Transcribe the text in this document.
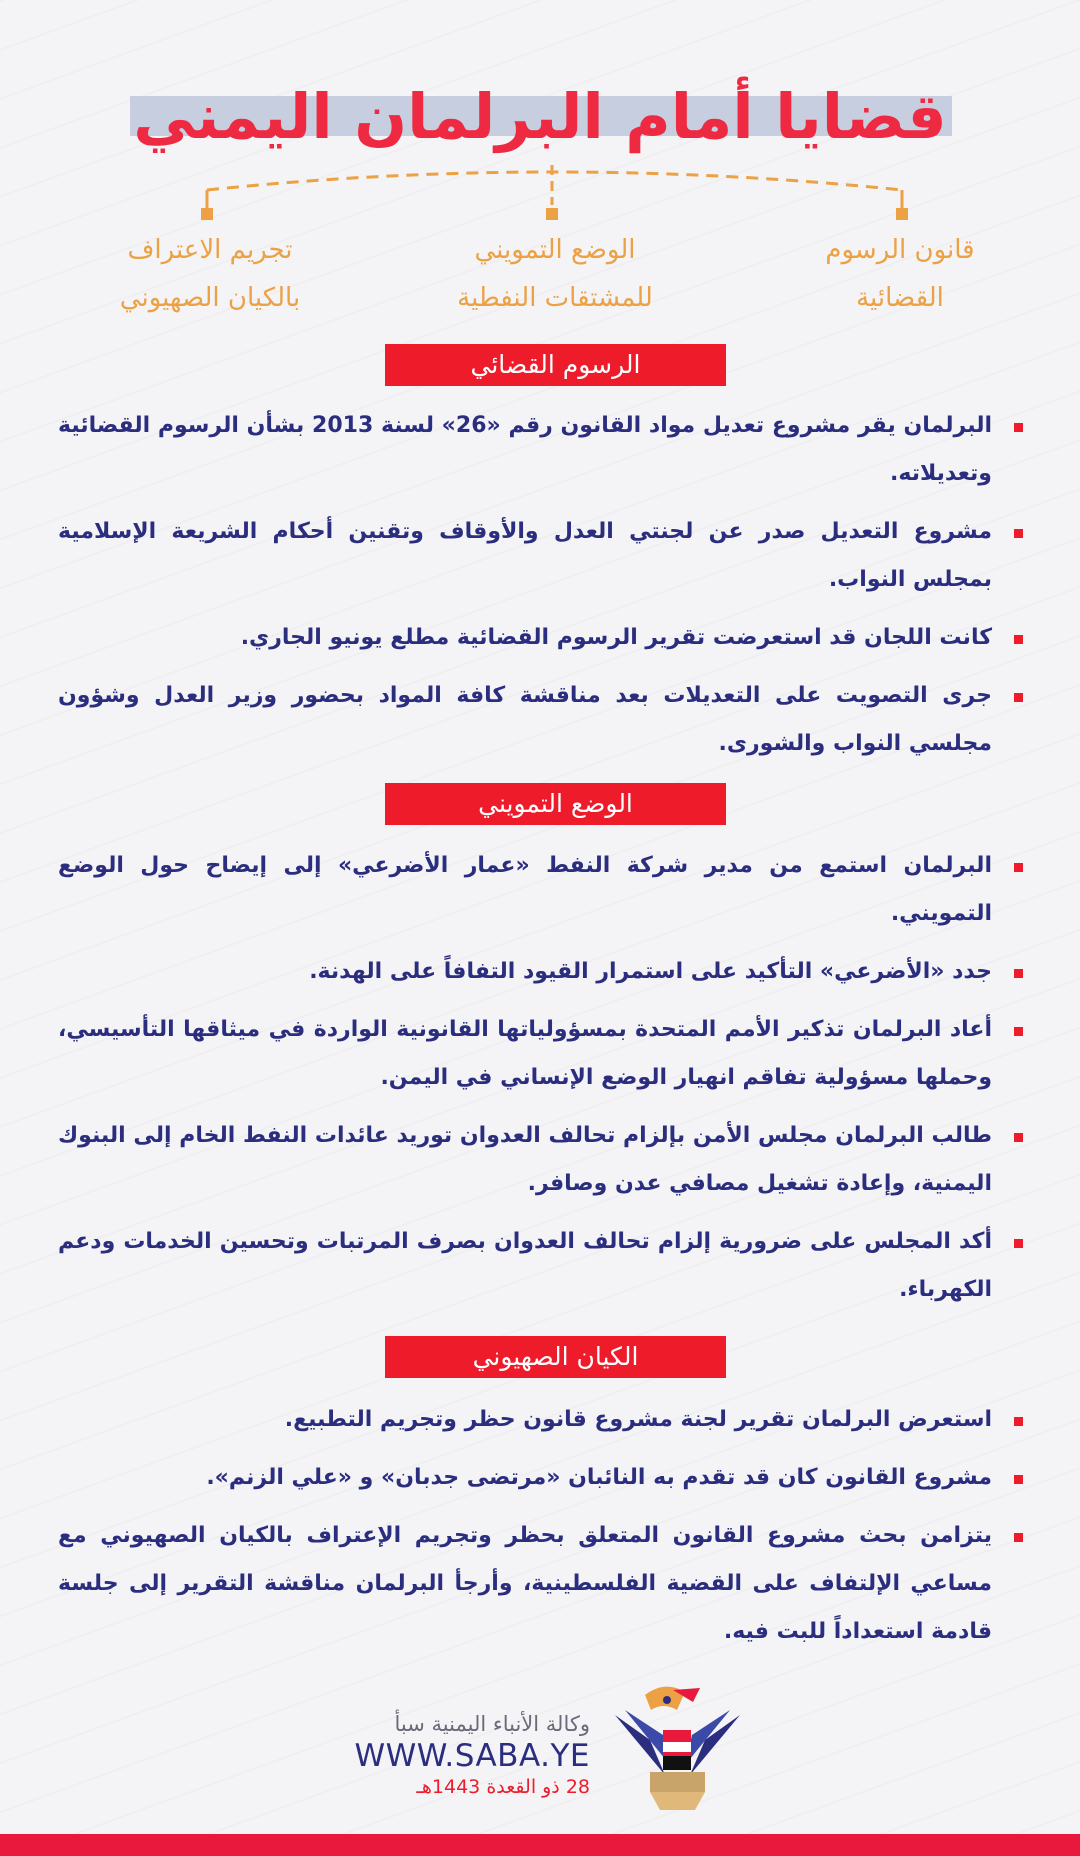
قضايا أمام البرلمان اليمني
قانون الرسوم
القضائية
الوضع التمويني
للمشتقات النفطية
تجريم الاعتراف
بالكيان الصهيوني
الرسوم القضائي
البرلمان يقر مشروع تعديل مواد القانون رقم «26» لسنة 2013 بشأن الرسوم القضائية وتعديلاته.
مشروع التعديل صدر عن لجنتي العدل والأوقاف وتقنين أحكام الشريعة الإسلامية بمجلس النواب.
كانت اللجان قد استعرضت تقرير الرسوم القضائية مطلع يونيو الجاري.
جرى التصويت على التعديلات بعد مناقشة كافة المواد بحضور وزير العدل وشؤون مجلسي النواب والشورى.
الوضع التمويني
البرلمان استمع من مدير شركة النفط «عمار الأضرعي» إلى إيضاح حول الوضع التمويني.
جدد «الأضرعي» التأكيد على استمرار القيود التفافاً على الهدنة.
أعاد البرلمان تذكير الأمم المتحدة بمسؤولياتها القانونية الواردة في ميثاقها التأسيسي، وحملها مسؤولية تفاقم انهيار الوضع الإنساني في اليمن.
طالب البرلمان مجلس الأمن بإلزام تحالف العدوان توريد عائدات النفط الخام إلى البنوك اليمنية، وإعادة تشغيل مصافي عدن وصافر.
أكد المجلس على ضرورية إلزام تحالف العدوان بصرف المرتبات وتحسين الخدمات ودعم الكهرباء.
الكيان الصهيوني
استعرض البرلمان تقرير لجنة مشروع قانون حظر وتجريم التطبيع.
مشروع القانون كان قد تقدم به النائبان «مرتضى جدبان» و «علي الزنم».
يتزامن بحث مشروع القانون المتعلق بحظر وتجريم الإعتراف بالكيان الصهيوني مع مساعي الإلتفاف على القضية الفلسطينية، وأرجأ البرلمان مناقشة التقرير إلى جلسة قادمة استعداداً للبت فيه.
وكالة الأنباء اليمنية سبأ
WWW.SABA.YE
28 ذو القعدة 1443هـ
